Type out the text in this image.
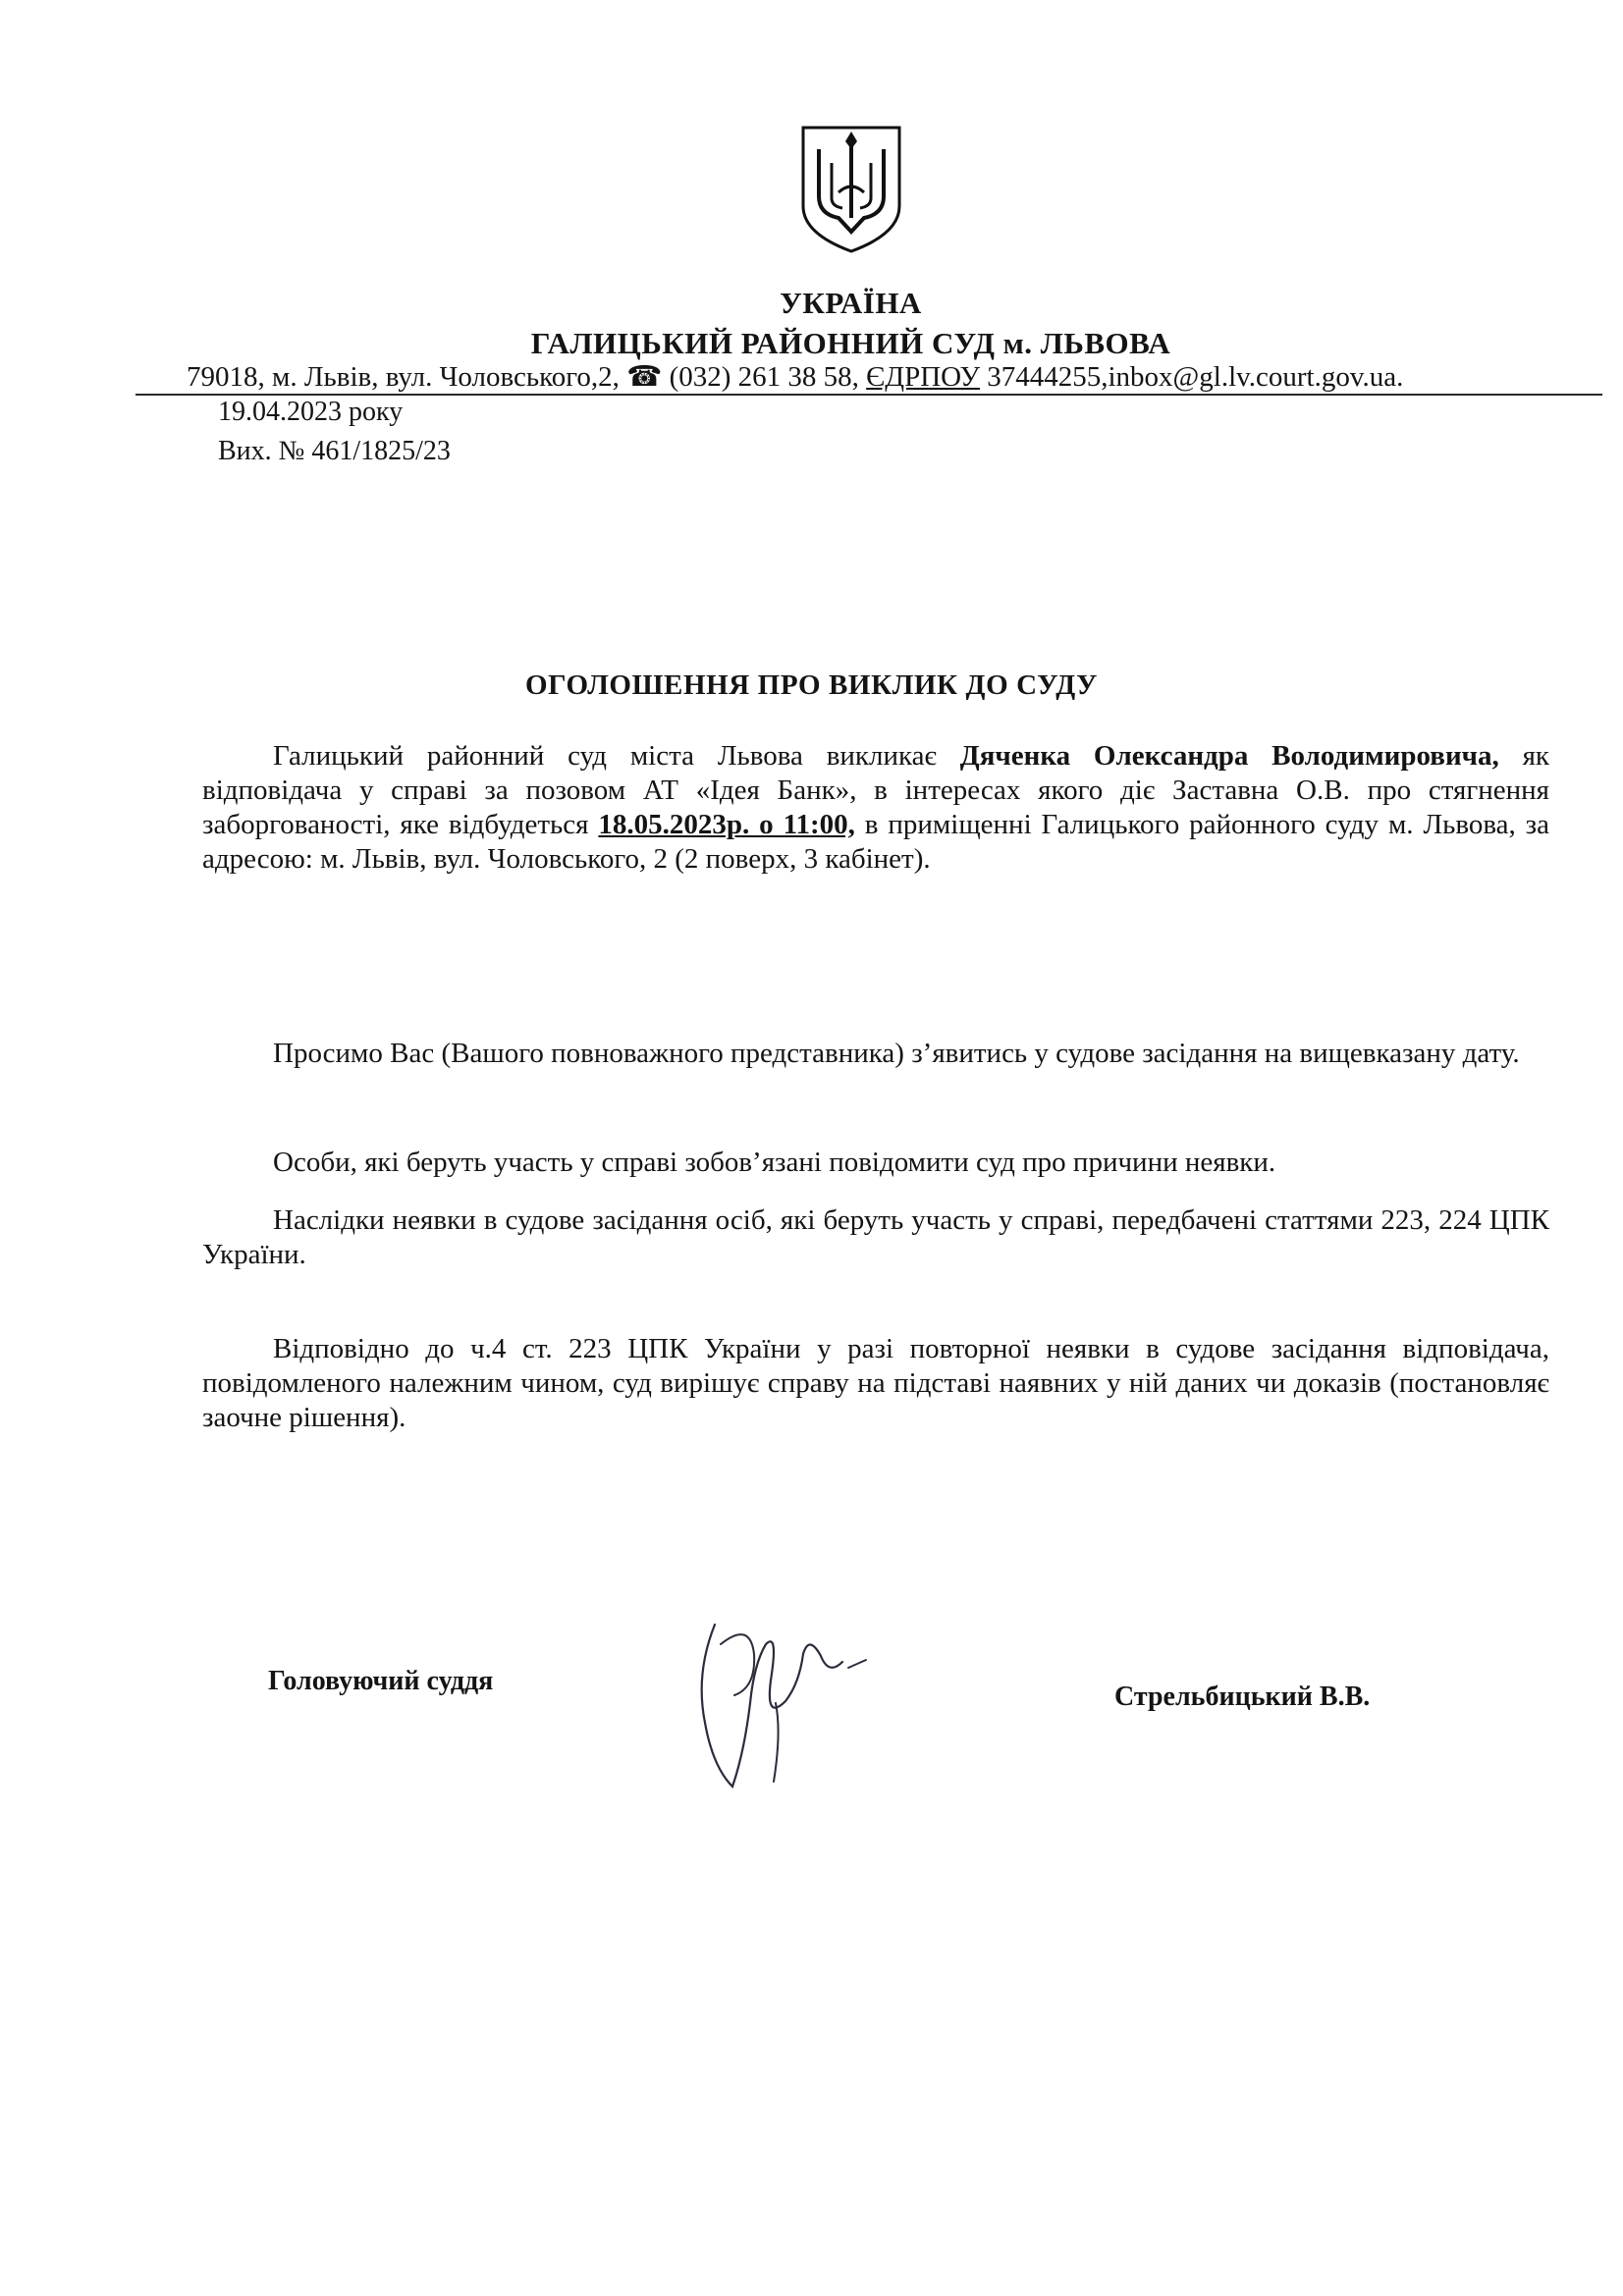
УКРАЇНА
ГАЛИЦЬКИЙ РАЙОННИЙ СУД м. ЛЬВОВА
79018, м. Львів, вул. Чоловського,2, ☎ (032) 261 38 58, ЄДРПОУ 37444255,inbox@gl.lv.court.gov.ua.
19.04.2023 року
Вих. № 461/1825/23
ОГОЛОШЕННЯ ПРО ВИКЛИК ДО СУДУ
Галицький районний суд міста Львова викликає Дяченка Олександра Володимировича, як відповідача у справі за позовом АТ «Ідея Банк», в інтересах якого діє Заставна О.В. про стягнення заборгованості, яке відбудеться 18.05.2023р. о 11:00, в приміщенні Галицького районного суду м. Львова, за адресою: м. Львів, вул. Чоловського, 2 (2 поверх, 3 кабінет).
Просимо Вас (Вашого повноважного представника) з’явитись у судове засідання на вищевказану дату.
Особи, які беруть участь у справі зобов’язані повідомити суд про причини неявки.
Наслідки неявки в судове засідання осіб, які беруть участь у справі, передбачені статтями 223, 224 ЦПК України.
Відповідно до ч.4 ст. 223 ЦПК України у разі повторної неявки в судове засідання відповідача, повідомленого належним чином, суд вирішує справу на підставі наявних у ній даних чи доказів (постановляє заочне рішення).
Головуючий суддя
Стрельбицький В.В.
